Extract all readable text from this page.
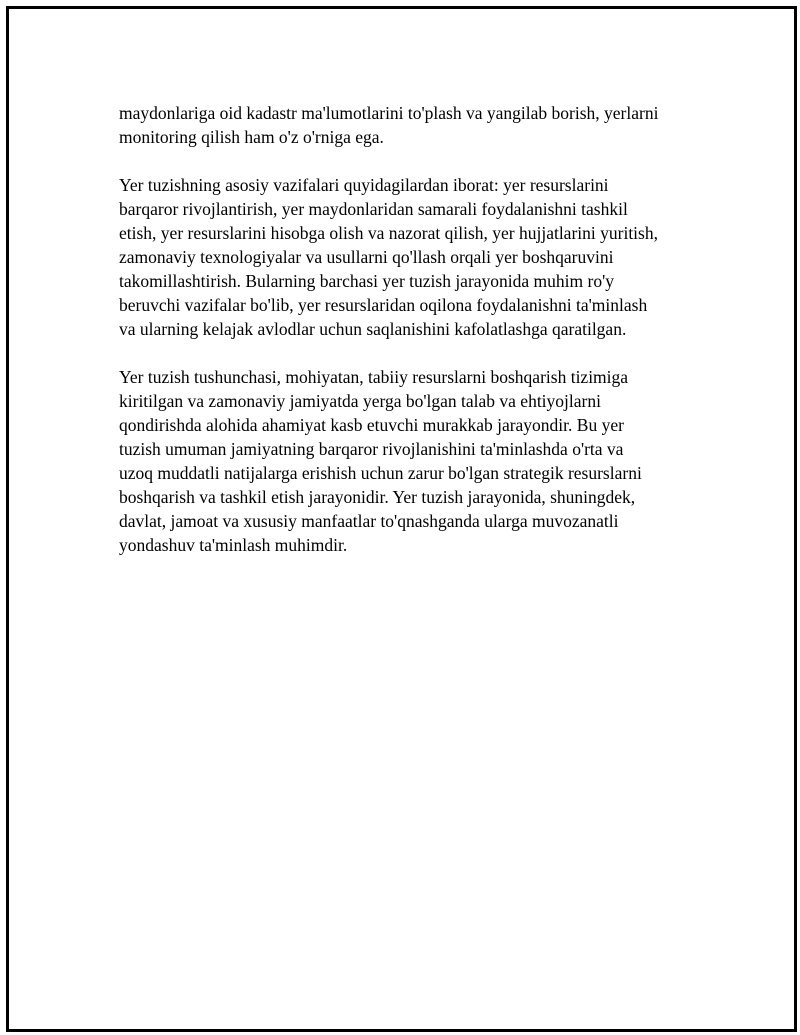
maydonlariga oid kadastr ma'lumotlarini to'plash va yangilab borish, yerlarni
monitoring qilish ham o'z o'rniga ega.

Yer tuzishning asosiy vazifalari quyidagilardan iborat: yer resurslarini
barqaror rivojlantirish, yer maydonlaridan samarali foydalanishni tashkil
etish, yer resurslarini hisobga olish va nazorat qilish, yer hujjatlarini yuritish,
zamonaviy texnologiyalar va usullarni qo'llash orqali yer boshqaruvini
takomillashtirish. Bularning barchasi yer tuzish jarayonida muhim ro'y
beruvchi vazifalar bo'lib, yer resurslaridan oqilona foydalanishni ta'minlash
va ularning kelajak avlodlar uchun saqlanishini kafolatlashga qaratilgan.

Yer tuzish tushunchasi, mohiyatan, tabiiy resurslarni boshqarish tizimiga
kiritilgan va zamonaviy jamiyatda yerga bo'lgan talab va ehtiyojlarni
qondirishda alohida ahamiyat kasb etuvchi murakkab jarayondir. Bu yer
tuzish umuman jamiyatning barqaror rivojlanishini ta'minlashda o'rta va
uzoq muddatli natijalarga erishish uchun zarur bo'lgan strategik resurslarni
boshqarish va tashkil etish jarayonidir. Yer tuzish jarayonida, shuningdek,
davlat, jamoat va xususiy manfaatlar to'qnashganda ularga muvozanatli
yondashuv ta'minlash muhimdir.
